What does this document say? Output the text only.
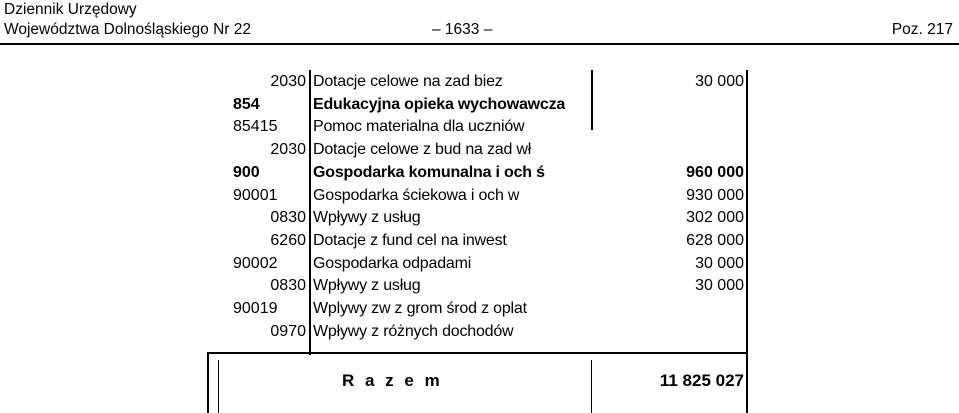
Dziennik Urzędowy
Województwa Dolnośląskiego Nr 22	– 1633 –	Poz. 217
2030 Dotacje celowe na zad biez	30 000
854	Edukacyjna opieka wychowawcza
85415	Pomoc materialna dla uczniów
2030 Dotacje celowe z bud na zad wł
900	Gospodarka komunalna i och ś	960 000
90001	Gospodarka ściekowa i och w	930 000
0830 Wpływy z usług	302 000
6260 Dotacje z fund cel na inwest	628 000
90002	Gospodarka odpadami	30 000
0830 Wpływy z usług	30 000
90019	Wplywy zw z grom środ z oplat
0970 Wpływy z różnych dochodów
R a z e m	11 825 027
